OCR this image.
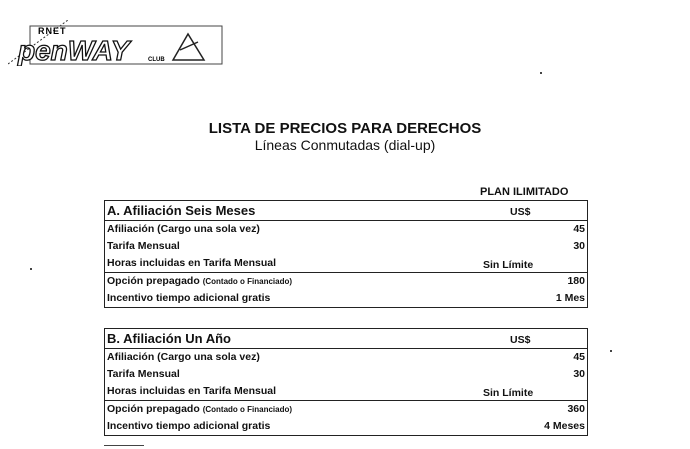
RNET
penWAY	CLUB
LISTA DE PRECIOS PARA DERECHOS
Líneas Conmutadas (dial-up)
PLAN ILIMITADO
A. Afiliación Seis Meses	US$
Afiliación (Cargo una sola vez)	45
Tarifa Mensual	30
Horas incluidas en Tarifa Mensual	Sin Límite
Opción prepagado (Contado o Financiado)	180
Incentivo tiempo adicional gratis	1 Mes
B. Afiliación Un Año	US$
Afiliación (Cargo una sola vez)	45
Tarifa Mensual	30
Horas incluidas en Tarifa Mensual	Sin Límite
Opción prepagado (Contado o Financiado)	360
Incentivo tiempo adicional gratis	4 Meses
